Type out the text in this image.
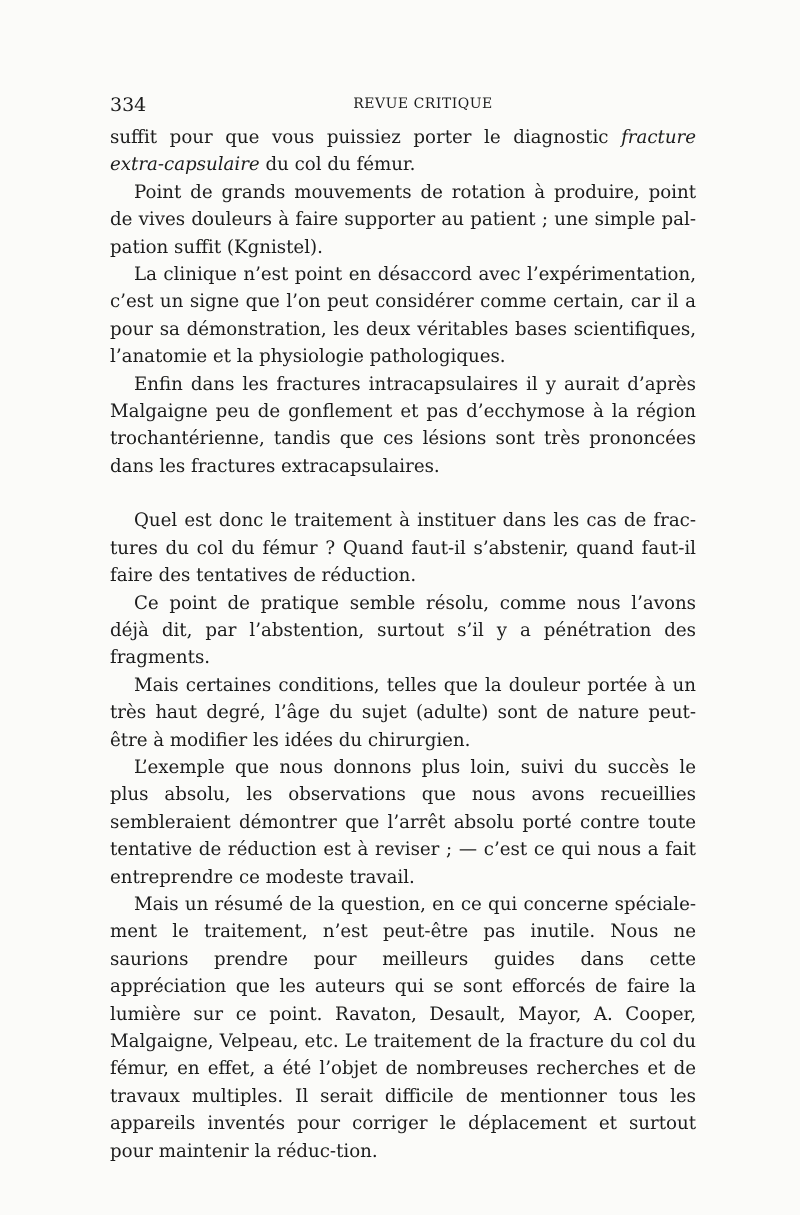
334	REVUE CRITIQUE

suffit pour que vous puissiez porter le diagnostic fracture extra-capsulaire du col du fémur.

Point de grands mouvements de rotation à produire, point de vives douleurs à faire supporter au patient ; une simple pal-pation suffit (Kgnistel).

La clinique n’est point en désaccord avec l’expérimentation, c’est un signe que l’on peut considérer comme certain, car il a pour sa démonstration, les deux véritables bases scientifiques, l’anatomie et la physiologie pathologiques.

Enfin dans les fractures intracapsulaires il y aurait d’après Malgaigne peu de gonflement et pas d’ecchymose à la région trochantérienne, tandis que ces lésions sont très prononcées dans les fractures extracapsulaires.

Quel est donc le traitement à instituer dans les cas de frac-tures du col du fémur ? Quand faut-il s’abstenir, quand faut-il faire des tentatives de réduction.

Ce point de pratique semble résolu, comme nous l’avons déjà dit, par l’abstention, surtout s’il y a pénétration des fragments.

Mais certaines conditions, telles que la douleur portée à un très haut degré, l’âge du sujet (adulte) sont de nature peut-être à modifier les idées du chirurgien.

L’exemple que nous donnons plus loin, suivi du succès le plus absolu, les observations que nous avons recueillies sembleraient démontrer que l’arrêt absolu porté contre toute tentative de réduction est à reviser ; — c’est ce qui nous a fait entreprendre ce modeste travail.

Mais un résumé de la question, en ce qui concerne spéciale-ment le traitement, n’est peut-être pas inutile. Nous ne saurions prendre pour meilleurs guides dans cette appréciation que les auteurs qui se sont efforcés de faire la lumière sur ce point. Ravaton, Desault, Mayor, A. Cooper, Malgaigne, Velpeau, etc. Le traitement de la fracture du col du fémur, en effet, a été l’objet de nombreuses recherches et de travaux multiples. Il serait difficile de mentionner tous les appareils inventés pour corriger le déplacement et surtout pour maintenir la réduc-tion.
